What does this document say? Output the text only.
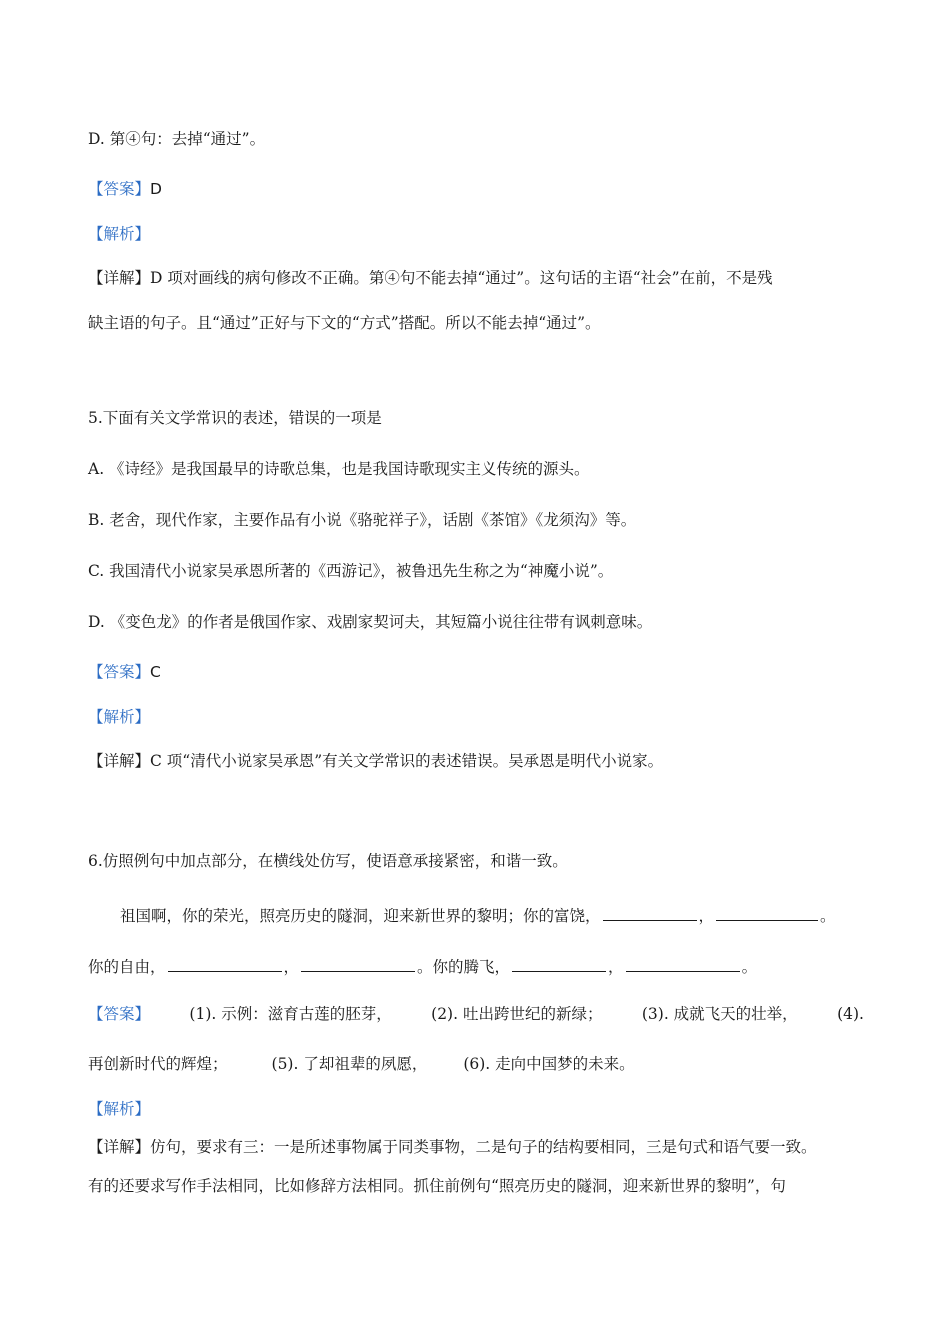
D. 第④句：去掉“通过”。
【答案】D
【解析】
【详解】D 项对画线的病句修改不正确。第④句不能去掉“通过”。这句话的主语“社会”在前，不是残
缺主语的句子。且“通过”正好与下文的“方式”搭配。所以不能去掉“通过”。
5.下面有关文学常识的表述，错误的一项是
A. 《诗经》是我国最早的诗歌总集，也是我国诗歌现实主义传统的源头。
B. 老舍，现代作家，主要作品有小说《骆驼祥子》，话剧《茶馆》《龙须沟》等。
C. 我国清代小说家吴承恩所著的《西游记》，被鲁迅先生称之为“神魔小说”。
D. 《变色龙》的作者是俄国作家、戏剧家契诃夫，其短篇小说往往带有讽刺意味。
【答案】C
【解析】
【详解】C 项“清代小说家吴承恩”有关文学常识的表述错误。吴承恩是明代小说家。
6.仿照例句中加点部分，在横线处仿写，使语意承接紧密，和谐一致。
祖国啊，你的荣光，照亮历史的隧洞，迎来新世界的黎明；你的富饶，	，	。
你的自由，	，	。你的腾飞，	，	。
【答案】	(1). 示例：滋育古莲的胚芽，	(2). 吐出跨世纪的新绿；	(3). 成就飞天的壮举，	(4).
再创新时代的辉煌；	(5). 了却祖辈的夙愿， (6). 走向中国梦的未来。
【解析】
【详解】仿句，要求有三：一是所述事物属于同类事物，二是句子的结构要相同，三是句式和语气要一致。
有的还要求写作手法相同，比如修辞方法相同。抓住前例句“照亮历史的隧洞，迎来新世界的黎明”，句
